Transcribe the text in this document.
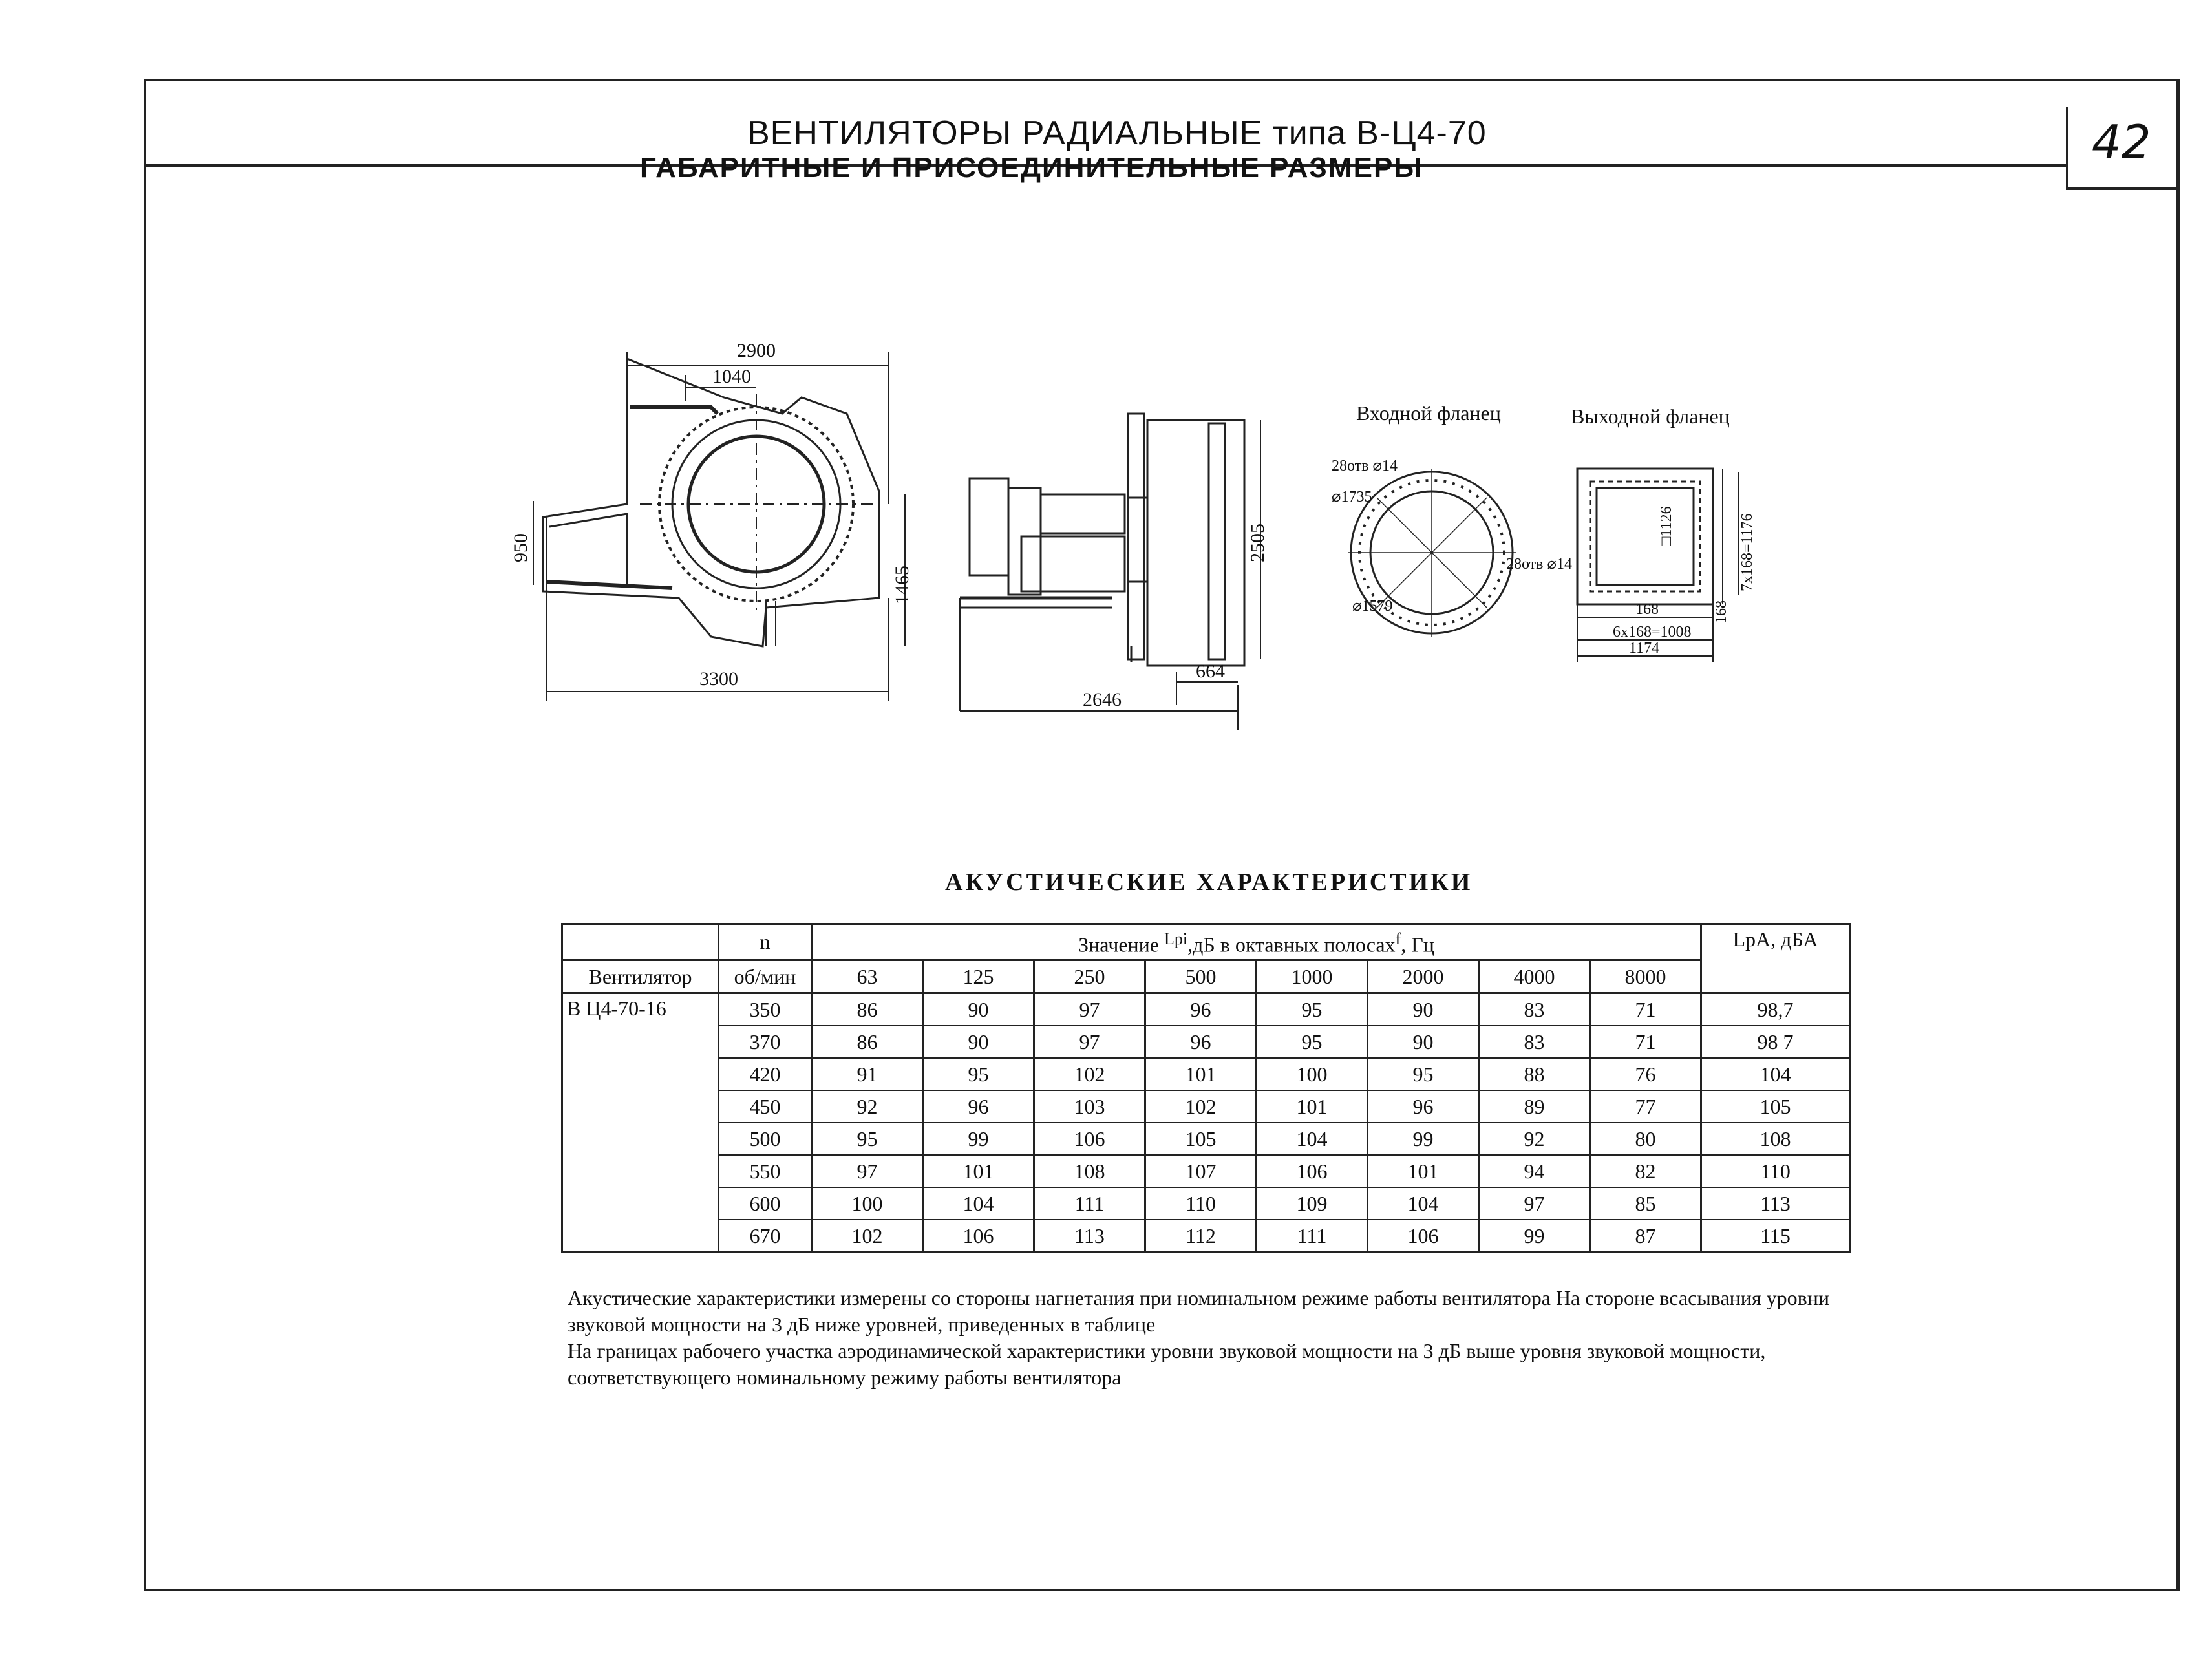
ВЕНТИЛЯТОРЫ РАДИАЛЬНЫЕ типа В-Ц4-70	42
ГАБАРИТНЫЕ И ПРИСОЕДИНИТЕЛЬНЫЕ РАЗМЕРЫ
2900
1040
950
1465
3300
2505
664
2646
Входной фланец
28отв ⌀14
⌀1735
⌀1579
Выходной фланец
□1126
28отв ⌀14	7x168=1176
168	168
6x168=1008
1174
АКУСТИЧЕСКИЕ ХАРАКТЕРИСТИКИ
	n	Значение $^{Lpi}$,дБ в октавных полосах$^f$, Гц								LpA, дБА
Вентилятор	об/мин	63	125	250	500	1000	2000	4000	8000	
В Ц4-70-16	350	86	90	97	96	95	90	83	71	98,7
	370	86	90	97	96	95	90	83	71	98 7
	420	91	95	102	101	100	95	88	76	104
	450	92	96	103	102	101	96	89	77	105
	500	95	99	106	105	104	99	92	80	108
	550	97	101	108	107	106	101	94	82	110
	600	100	104	111	110	109	104	97	85	113
	670	102	106	113	112	111	106	99	87	115

Акустические характеристики измерены со стороны нагнетания при номинальном режиме работы вентилятора На стороне всасывания уровни звуковой мощности на 3 дБ ниже уровней, приведенных в таблице

На границах рабочего участка аэродинамической характеристики уровни звуковой мощности на 3 дБ выше уровня звуковой мощности, соответствующего номинальному режиму работы вентилятора
